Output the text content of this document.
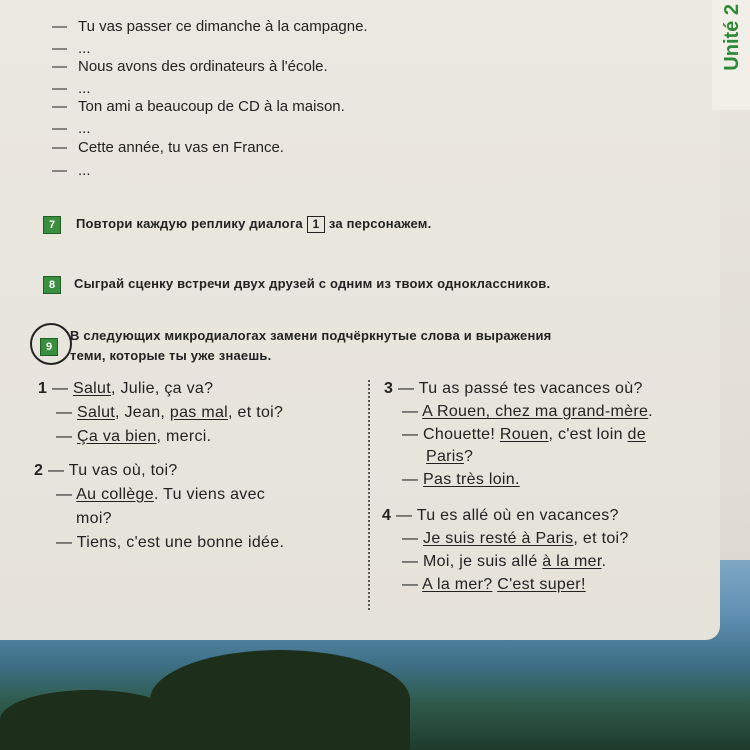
Unité 2
— Tu vas passer ce dimanche à la campagne.
— ...
— Nous avons des ordinateurs à l'école.
— ...
— Ton ami a beaucoup de CD à la maison.
— ...
— Cette année, tu vas en France.
— ...
7	Повтори каждую реплику диалога 1 за персонажем.
8	Сыграй сценку встречи двух друзей с одним из твоих одноклассников.
9
В следующих микродиалогах замени подчёркнутые слова и выражения
теми, которые ты уже знаешь.
1 — Salut, Julie, ça va?
— Salut, Jean, pas mal, et toi?
— Ça va bien, merci.
2 — Tu vas où, toi?
— Au collège. Tu viens avec
moi?
— Tiens, c'est une bonne idée.
3 — Tu as passé tes vacances où?
— A Rouen, chez ma grand-mère.
— Chouette! Rouen, c'est loin de
Paris?
— Pas très loin.
4 — Tu es allé où en vacances?
— Je suis resté à Paris, et toi?
— Moi, je suis allé à la mer.
— A la mer? C'est super!
